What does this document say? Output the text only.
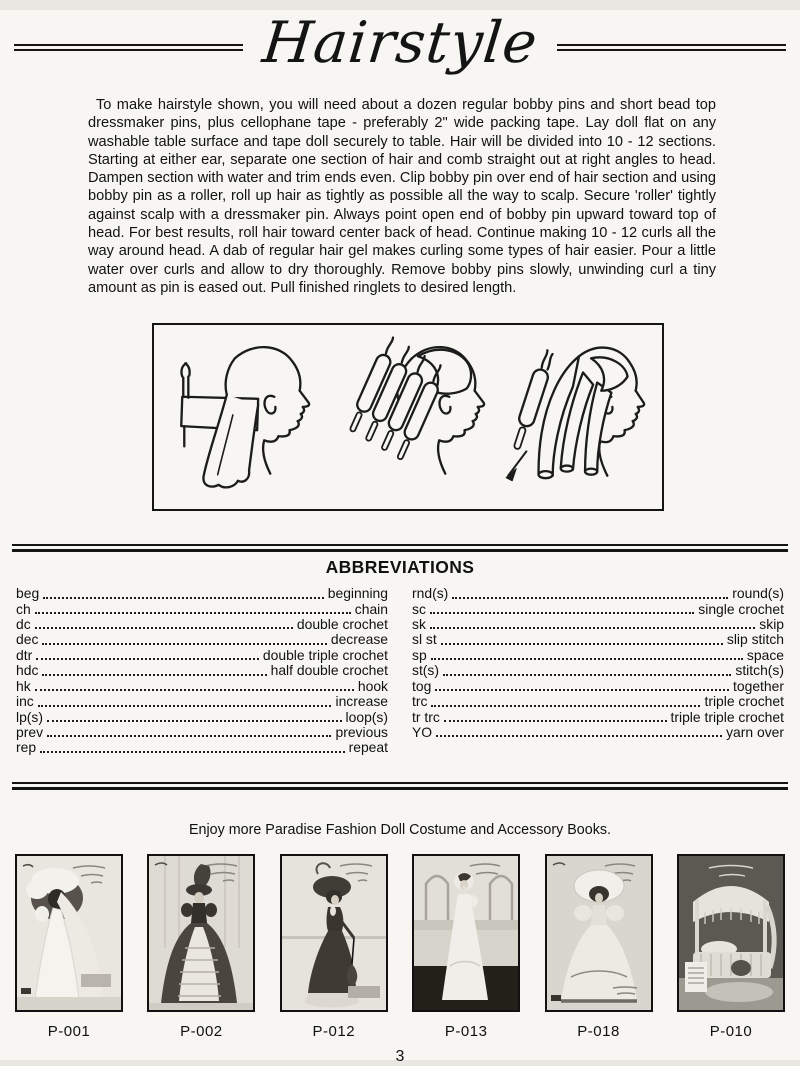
Hairstyle

To make hairstyle shown, you will need about a dozen regular bobby pins and short bead top dressmaker pins, plus cellophane tape - preferably 2" wide packing tape. Lay doll flat on any washable table surface and tape doll securely to table. Hair will be divided into 10 - 12 sections. Starting at either ear, separate one section of hair and comb straight out at right angles to head. Dampen section with water and trim ends even. Clip bobby pin over end of hair section and using bobby pin as a roller, roll up hair as tightly as possible all the way to scalp. Secure 'roller' tightly against scalp with a dressmaker pin. Always point open end of bobby pin upward toward top of head. For best results, roll hair toward center back of head. Continue making 10 - 12 curls all the way around head. A dab of regular hair gel makes curling some types of hair easier. Pour a little water over curls and allow to dry thoroughly. Remove bobby pins slowly, unwinding curl a tiny amount as pin is eased out. Pull finished ringlets to desired length.

ABBREVIATIONS
beg	beginning
ch	chain
dc	double crochet
dec	decrease
dtr	double triple crochet
hdc	half double crochet
hk	hook
inc	increase
lp(s)	loop(s)
prev	previous
rep	repeat
rnd(s)	round(s)
sc	single crochet
sk	skip
sl st	slip stitch
sp	space
st(s)	stitch(s)
tog	together
trc	triple crochet
tr trc	triple triple crochet
YO	yarn over
Enjoy more Paradise Fashion Doll Costume and Accessory Books.
P-001	P-002	P-012	P-013	P-018	P-010
3
